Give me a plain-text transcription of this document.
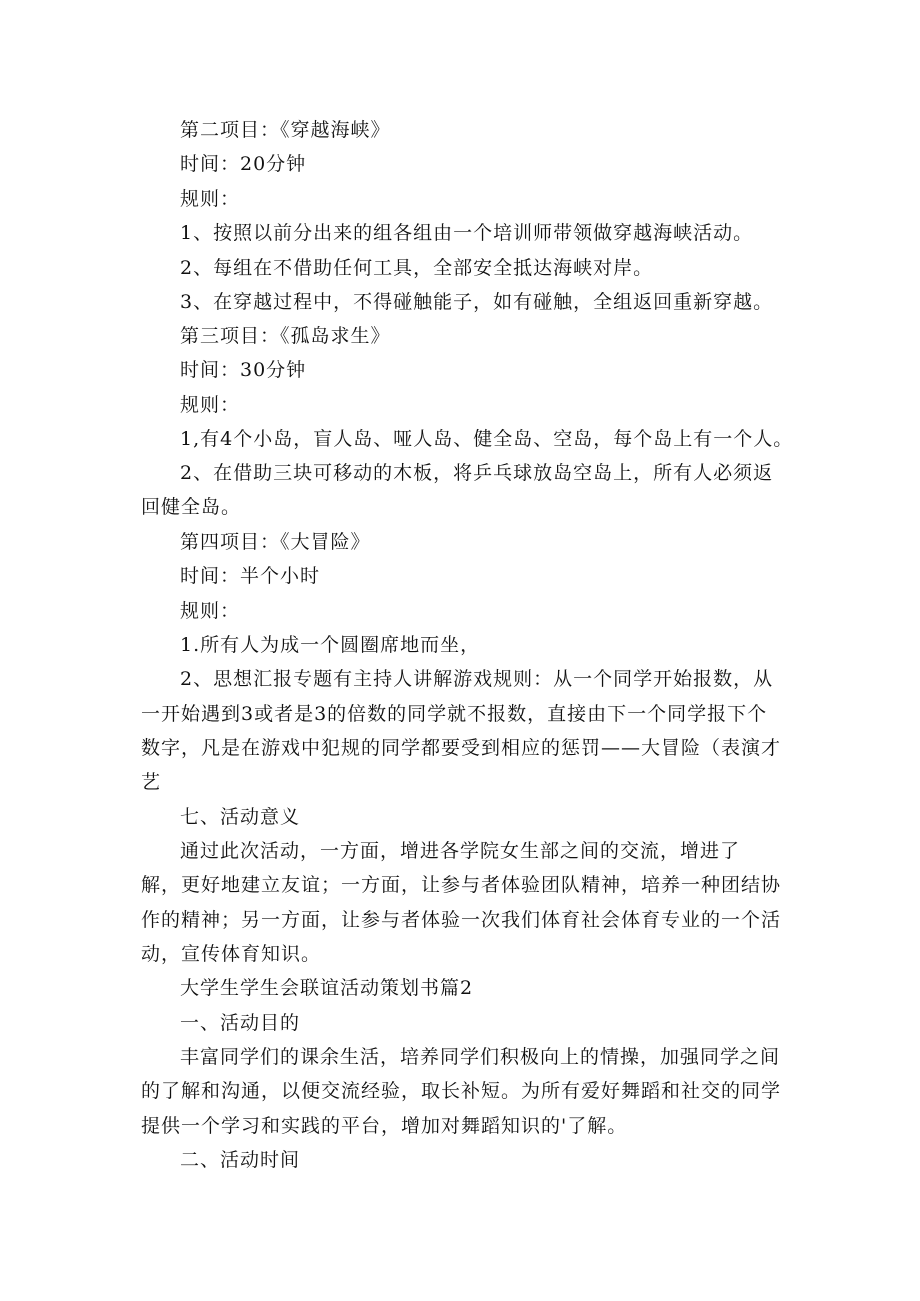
第二项目：《穿越海峡》
时间：20分钟
规则：
1、按照以前分出来的组各组由一个培训师带领做穿越海峡活动。
2、每组在不借助任何工具，全部安全抵达海峡对岸。
3、在穿越过程中，不得碰触能子，如有碰触，全组返回重新穿越。
第三项目：《孤岛求生》
时间：30分钟
规则：
1,有4个小岛，盲人岛、哑人岛、健全岛、空岛，每个岛上有一个人。
2、在借助三块可移动的木板，将乒乓球放岛空岛上，所有人必须返
回健全岛。
第四项目：《大冒险》
时间：半个小时
规则：
1.所有人为成一个圆圈席地而坐，
2、思想汇报专题有主持人讲解游戏规则：从一个同学开始报数，从
一开始遇到3或者是3的倍数的同学就不报数，直接由下一个同学报下个
数字，凡是在游戏中犯规的同学都要受到相应的惩罚——大冒险（表演才
艺
七、活动意义
通过此次活动，一方面，增进各学院女生部之间的交流，增进了
解，更好地建立友谊；一方面，让参与者体验团队精神，培养一种团结协
作的精神；另一方面，让参与者体验一次我们体育社会体育专业的一个活
动，宣传体育知识。
大学生学生会联谊活动策划书篇2
一、活动目的
丰富同学们的课余生活，培养同学们积极向上的情操，加强同学之间
的了解和沟通，以便交流经验，取长补短。为所有爱好舞蹈和社交的同学
提供一个学习和实践的平台，增加对舞蹈知识的'了解。
二、活动时间
